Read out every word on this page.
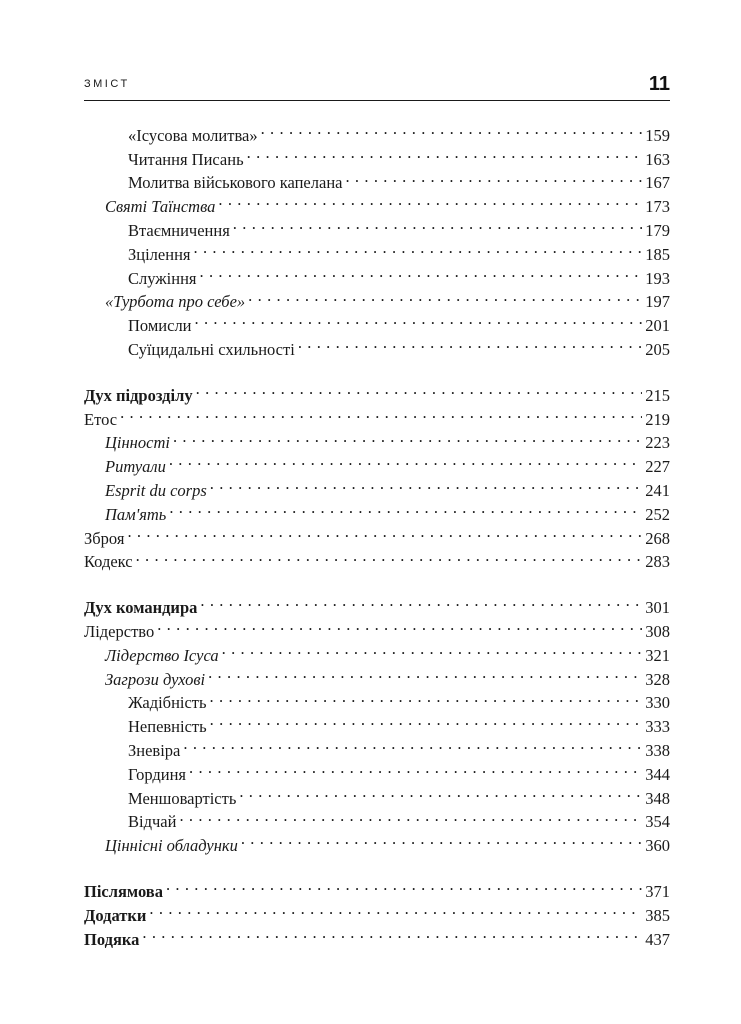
ЗМІСТ	11
«Ісусова молитва» . . .	159
Читання Писань . . .	163
Молитва військового капелана . . .	167
Святі Таїнства . . .	173
Втаємничення . . .	179
Зцілення . . .	185
Служіння . . .	193
«Турбота про себе» . . .	197
Помисли . . .	201
Суїцидальні схильності . . .	205
Дух підрозділу . . .	215
Етос . . .	219
Цінності . . .	223
Ритуали . . .	227
Esprit du corps . . .	241
Пам'ять . . .	252
Зброя . . .	268
Кодекс . . .	283
Дух командира . . .	301
Лідерство . . .	308
Лідерство Ісуса . . .	321
Загрози духові . . .	328
Жадібність . . .	330
Непевність . . .	333
Зневіра . . .	338
Гординя . . .	344
Меншовартість . . .	348
Відчай . . .	354
Ціннісні обладунки . . .	360
Післямова . . .	371
Додатки . . .	385
Подяка . . .	437
